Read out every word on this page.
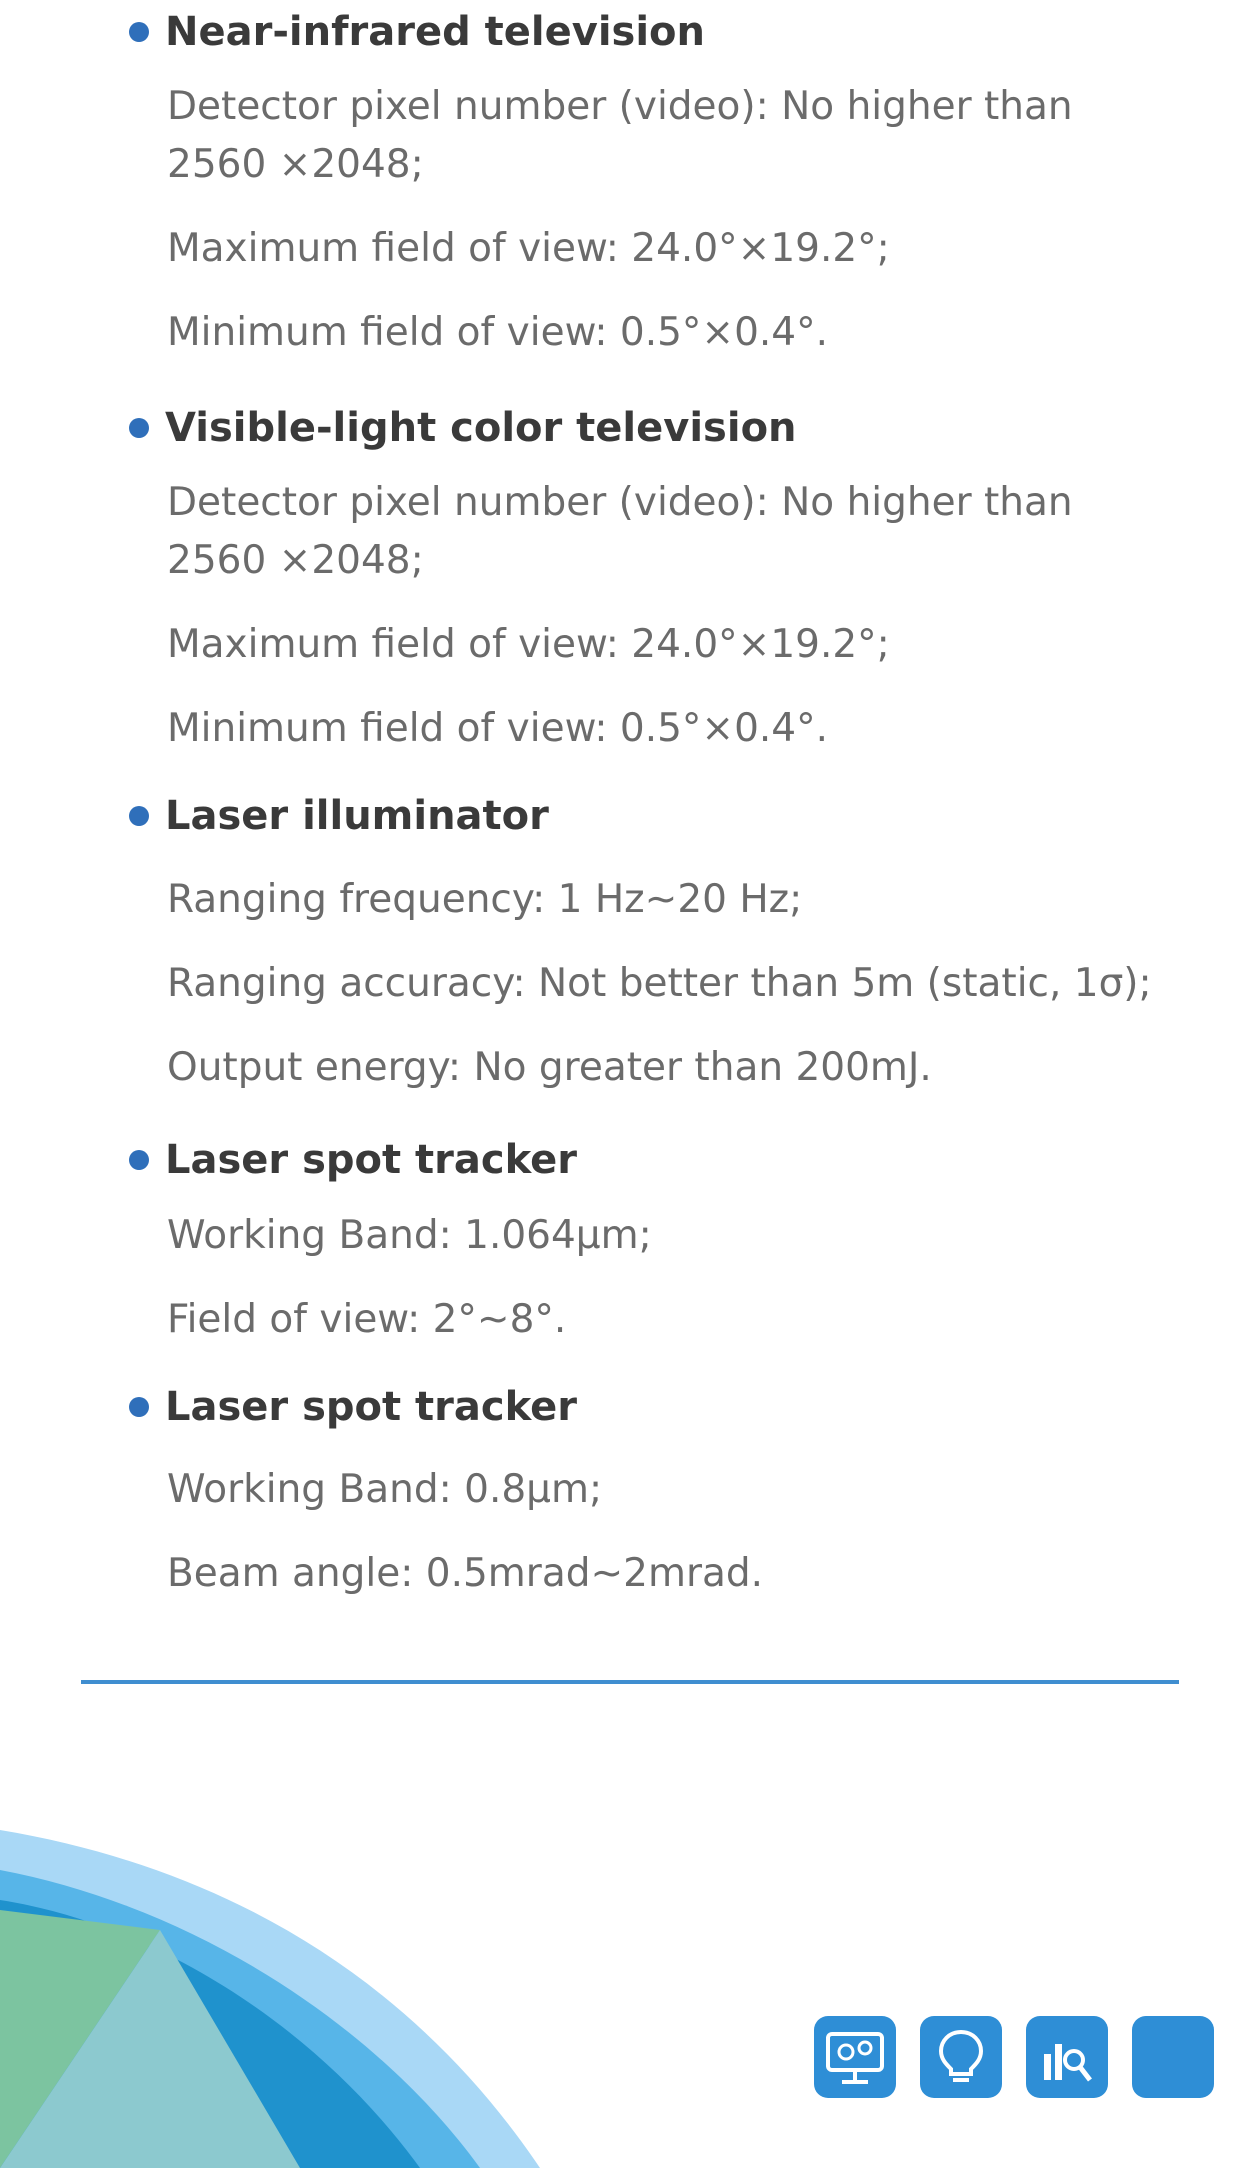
Near-infrared television
Detector pixel number (video): No higher than 2560 ×2048;
Maximum field of view: 24.0°×19.2°;
Minimum field of view: 0.5°×0.4°.
Visible-light color television
Detector pixel number (video): No higher than 2560 ×2048;
Maximum field of view: 24.0°×19.2°;
Minimum field of view: 0.5°×0.4°.
Laser illuminator
Ranging frequency: 1 Hz~20 Hz;
Ranging accuracy: Not better than 5m (static, 1σ);
Output energy: No greater than 200mJ.
Laser spot tracker
Working Band: 1.064μm;
Field of view: 2°~8°.
Laser spot tracker
Working Band: 0.8μm;
Beam angle: 0.5mrad~2mrad.
